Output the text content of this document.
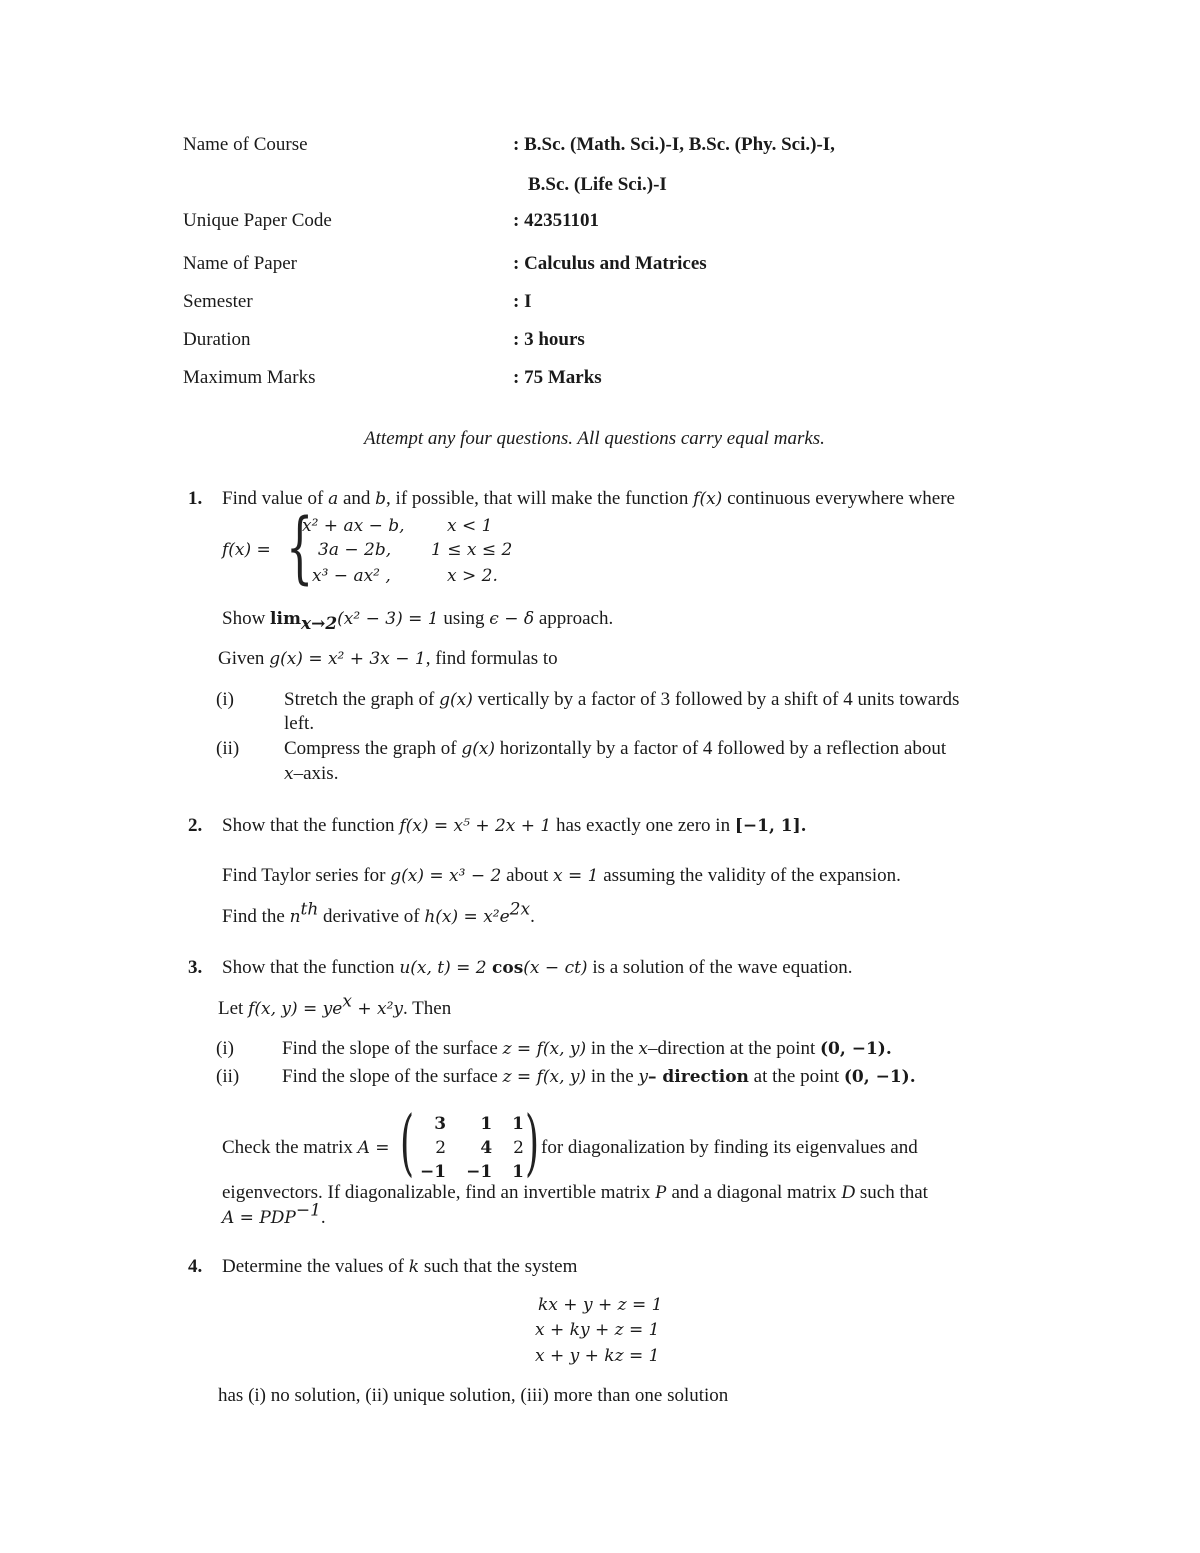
Name of Course	: B.Sc. (Math. Sci.)-I, B.Sc. (Phy. Sci.)-I,
B.Sc. (Life Sci.)-I
Unique Paper Code	: 42351101
Name of Paper	: Calculus and Matrices
Semester	: I
Duration	: 3 hours
Maximum Marks	: 75 Marks
Attempt any four questions. All questions carry equal marks.
1. Find value of a and b, if possible, that will make the function f(x) continuous everywhere where
f(x) = {
x² + ax − b, x < 1
3a − 2b, 1 ≤ x ≤ 2
x³ − ax² ,	x > 2.
Show $\lim_{x\to 2}(x^2 - 3) = 1$ using ϵ − δ approach.
Given g(x) = x² + 3x − 1, find formulas to
(i)	Stretch the graph of g(x) vertically by a factor of 3 followed by a shift of 4 units towards
left.
(ii) Compress the graph of g(x) horizontally by a factor of 4 followed by a reflection about
x–axis.
2. Show that the function f(x) = x⁵ + 2x + 1 has exactly one zero in [−1, 1].
Find Taylor series for g(x) = x³ − 2 about x = 1 assuming the validity of the expansion.
Find the $n^{th}$ derivative of $h(x) = x^2e^{2x}$.
3. Show that the function u(x, t) = 2 cos(x − ct) is a solution of the wave equation.
Let f(x, $y) = ye^x + x^2y$. Then
(i)	Find the slope of the surface z = f(x, y) in the x–direction at the point (0, −1).
(ii) Find the slope of the surface z = f(x, y) in the y– direction at the point (0, −1).
Check the matrix A = ( 3	1	1
2	4	2
−1	−1	1 ) for diagonalization by finding its eigenvalues and
eigenvectors. If diagonalizable, find an invertible matrix P and a diagonal matrix D such that
$A = PDP^{-1}$.
4. Determine the values of k such that the system
kx + y + z = 1
x + ky + z = 1
x + y + kz = 1
has (i) no solution, (ii) unique solution, (iii) more than one solution
